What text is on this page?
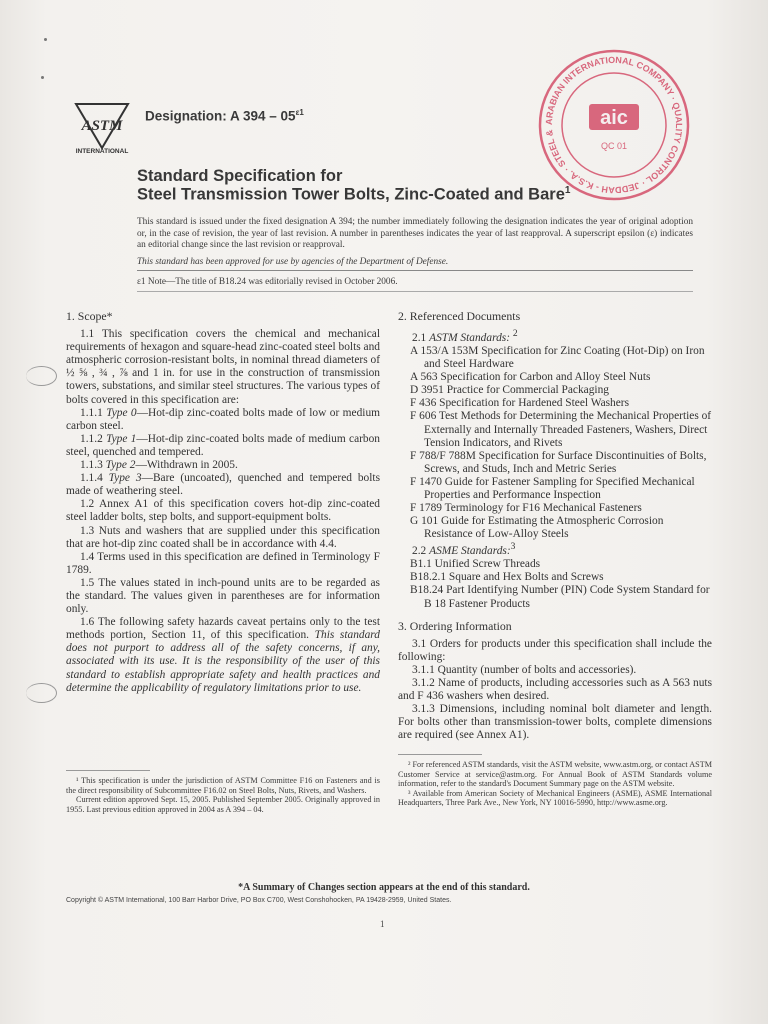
ASTM
INTERNATIONAL
Designation: A $394 - 05^{\varepsilon 1}$
ARABIAN INTERNATIONAL COMPANY · QUALITY CONTROL · JEDDAH - K.S.A. · STEEL &
aic
QC 01
Standard Specification for
Steel Transmission Tower Bolts, Zinc-Coated and Bare$^1$
This standard is issued under the fixed designation A 394; the number immediately following the designation indicates the year of original adoption or, in the case of revision, the year of last revision. A number in parentheses indicates the year of last reapproval. A superscript epsilon (ε) indicates an editorial change since the last revision or reapproval.
This standard has been approved for use by agencies of the Department of Defense.
ε1 Note—The title of B18.24 was editorially revised in October 2006.

1. Scope*

1.1 This specification covers the chemical and mechanical requirements of hexagon and square-head zinc-coated steel bolts and atmospheric corrosion-resistant bolts, in nominal thread diameters of ½ ⅝ , ¾ , ⅞ and 1 in. for use in the construction of transmission towers, substations, and similar steel structures. The various types of bolts covered in this specification are:

1.1.1 Type 0—Hot-dip zinc-coated bolts made of low or medium carbon steel.

1.1.2 Type 1—Hot-dip zinc-coated bolts made of medium carbon steel, quenched and tempered.

1.1.3 Type 2—Withdrawn in 2005.

1.1.4 Type 3—Bare (uncoated), quenched and tempered bolts made of weathering steel.

1.2 Annex A1 of this specification covers hot-dip zinc-coated steel ladder bolts, step bolts, and support-equipment bolts.

1.3 Nuts and washers that are supplied under this specification that are hot-dip zinc coated shall be in accordance with 4.4.

1.4 Terms used in this specification are defined in Terminology F 1789.

1.5 The values stated in inch-pound units are to be regarded as the standard. The values given in parentheses are for information only.

1.6 The following safety hazards caveat pertains only to the test methods portion, Section 11, of this specification. This standard does not purport to address all of the safety concerns, if any, associated with its use. It is the responsibility of the user of this standard to establish appropriate safety and health practices and determine the applicability of regulatory limitations prior to use.

2. Referenced Documents

2.1 ASTM Standards: $^2$

A 153/A 153M Specification for Zinc Coating (Hot-Dip) on Iron and Steel Hardware

A 563 Specification for Carbon and Alloy Steel Nuts

D 3951 Practice for Commercial Packaging

F 436 Specification for Hardened Steel Washers

F 606 Test Methods for Determining the Mechanical Properties of Externally and Internally Threaded Fasteners, Washers, Direct Tension Indicators, and Rivets

F 788/F 788M Specification for Surface Discontinuities of Bolts, Screws, and Studs, Inch and Metric Series

F 1470 Guide for Fastener Sampling for Specified Mechanical Properties and Performance Inspection

F 1789 Terminology for F16 Mechanical Fasteners

G 101 Guide for Estimating the Atmospheric Corrosion Resistance of Low-Alloy Steels

2.2 ASME Standards:$^3$

B1.1 Unified Screw Threads

B18.2.1 Square and Hex Bolts and Screws

B18.24 Part Identifying Number (PIN) Code System Standard for B 18 Fastener Products

3. Ordering Information

3.1 Orders for products under this specification shall include the following:

3.1.1 Quantity (number of bolts and accessories).

3.1.2 Name of products, including accessories such as A 563 nuts and F 436 washers when desired.

3.1.3 Dimensions, including nominal bolt diameter and length. For bolts other than transmission-tower bolts, complete dimensions are required (see Annex A1).

¹ This specification is under the jurisdiction of ASTM Committee F16 on Fasteners and is the direct responsibility of Subcommittee F16.02 on Steel Bolts, Nuts, Rivets, and Washers.

Current edition approved Sept. 15, 2005. Published September 2005. Originally approved in 1955. Last previous edition approved in 2004 as A 394 – 04.

² For referenced ASTM standards, visit the ASTM website, www.astm.org, or contact ASTM Customer Service at service@astm.org. For Annual Book of ASTM Standards volume information, refer to the standard's Document Summary page on the ASTM website.

³ Available from American Society of Mechanical Engineers (ASME), ASME International Headquarters, Three Park Ave., New York, NY 10016-5990, http://www.asme.org.

*A Summary of Changes section appears at the end of this standard.
Copyright © ASTM International, 100 Barr Harbor Drive, PO Box C700, West Conshohocken, PA 19428-2959, United States.
1
